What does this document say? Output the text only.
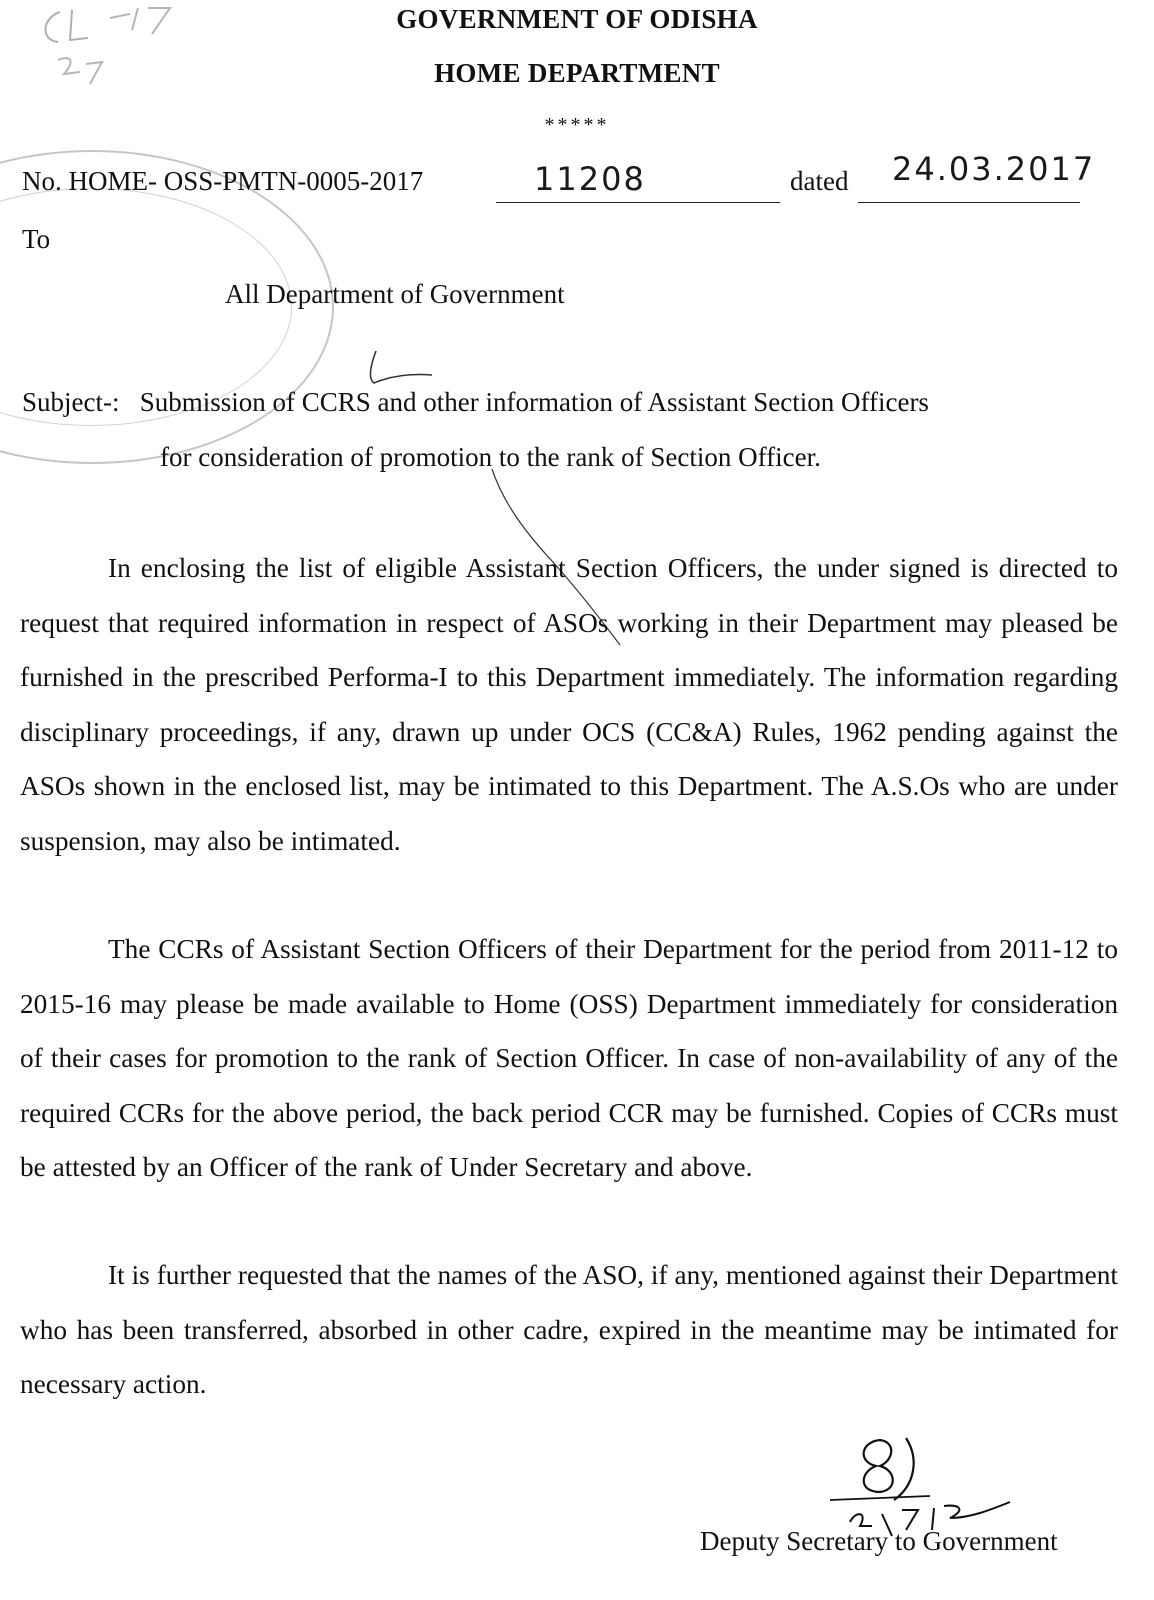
GOVERNMENT OF ODISHA
HOME DEPARTMENT
*****
No. HOME- OSS-PMTN-0005-2017	11208	dated 24.03.2017
To
All Department of Government
Subject-: Submission of CCRS and other information of Assistant Section Officers
for consideration of promotion to the rank of Section Officer.
In enclosing the list of eligible Assistant Section Officers, the under signed is directed to request that required information in respect of ASOs working in their Department may pleased be furnished in the prescribed Performa-I to this Department immediately. The information regarding disciplinary proceedings, if any, drawn up under OCS (CC&A) Rules, 1962 pending against the ASOs shown in the enclosed list, may be intimated to this Department. The A.S.Os who are under suspension, may also be intimated.
The CCRs of Assistant Section Officers of their Department for the period from 2011-12 to 2015-16 may please be made available to Home (OSS) Department immediately for consideration of their cases for promotion to the rank of Section Officer. In case of non-availability of any of the required CCRs for the above period, the back period CCR may be furnished. Copies of CCRs must be attested by an Officer of the rank of Under Secretary and above.
It is further requested that the names of the ASO, if any, mentioned against their Department who has been transferred, absorbed in other cadre, expired in the meantime may be intimated for necessary action.
Deputy Secretary to Government
